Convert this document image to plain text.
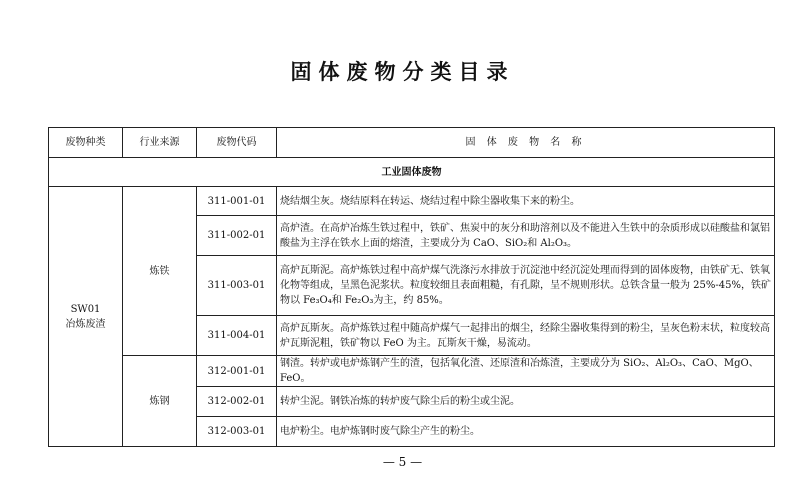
固体废物分类目录
废物种类	行业来源	废物代码	固 体 废 物 名 称
工业固体废物			
SW01
冶炼废渣	炼铁	311-001-01	烧结烟尘灰。烧结原料在转运、烧结过程中除尘器收集下来的粉尘。
		311-002-01	高炉渣。在高炉冶炼生铁过程中，铁矿、焦炭中的灰分和助溶剂以及不能进入生铁中的杂质形成以硅酸盐和氯铝酸盐为主浮在铁水上面的熔渣，主要成分为 CaO、SiO₂和 Al₂O₃。
		311-003-01	高炉瓦斯泥。高炉炼铁过程中高炉煤气洗涤污水排放于沉淀池中经沉淀处理而得到的固体废物，由铁矿无、铁氧化物等组成，呈黑色泥浆状。粒度较细且表面粗糙，有孔隙，呈不规则形状。总铁含量一般为 25%-45%，铁矿物以 Fe₃O₄和 Fe₂O₃为主，约 85%。
		311-004-01	高炉瓦斯灰。高炉炼铁过程中随高炉煤气一起排出的烟尘，经除尘器收集得到的粉尘，呈灰色粉末状，粒度较高炉瓦斯泥粗，铁矿物以 FeO 为主。瓦斯灰干燥，易流动。
	炼钢	312-001-01	钢渣。转炉或电炉炼钢产生的渣，包括氧化渣、还原渣和冶炼渣，主要成分为 SiO₂、Al₂O₃、CaO、MgO、FeO。
		312-002-01	转炉尘泥。钢铁冶炼的转炉废气除尘后的粉尘或尘泥。
		312-003-01	电炉粉尘。电炉炼钢时废气除尘产生的粉尘。
— 5 —
